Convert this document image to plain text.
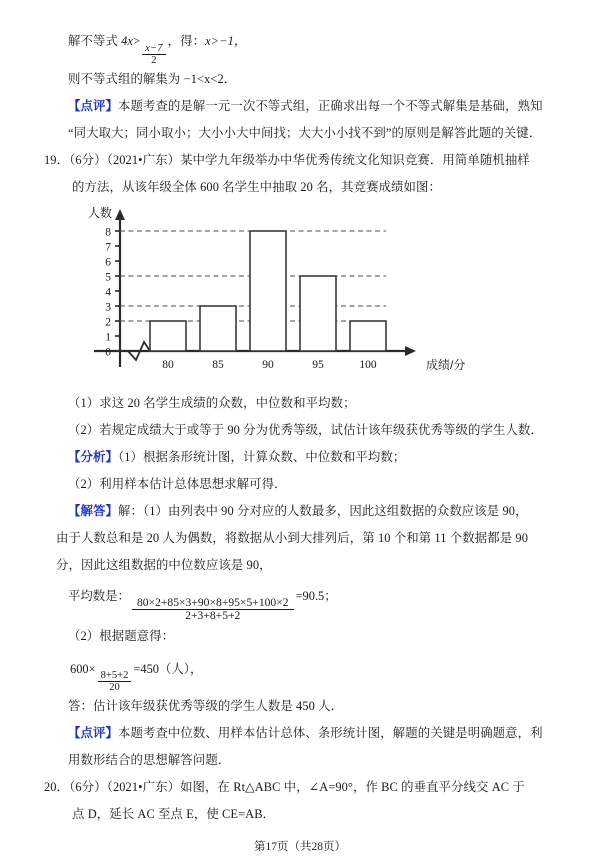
解不等式 4x>
$\frac{x-7}{2}$
，得：x>−1，
则不等式组的解集为 −1<x<2．
【点评】本题考查的是解一元一次不等式组，正确求出每一个不等式解集是基础，熟知
“同大取大；同小取小；大小小大中间找；大大小小找不到”的原则是解答此题的关键．
19．（6分）（2021•广东）某中学九年级举办中华优秀传统文化知识竞赛．用简单随机抽样
的方法，从该年级全体 600 名学生中抽取 20 名，其竞赛成绩如图：
0
1
2
3
4
5
6
7
8
80	85	90	95	100
人数
成绩/分
（1）求这 20 名学生成绩的众数，中位数和平均数；
（2）若规定成绩大于或等于 90 分为优秀等级，试估计该年级获优秀等级的学生人数．
【分析】（1）根据条形统计图，计算众数、中位数和平均数；
（2）利用样本估计总体思想求解可得．
【解答】解：（1）由列表中 90 分对应的人数最多，因此这组数据的众数应该是 90，
由于人数总和是 20 人为偶数，将数据从小到大排列后，第 10 个和第 11 个数据都是 90
分，因此这组数据的中位数应该是 90，
平均数是：
$\frac{80\times 2+85\times 3+90\times 8+95\times 5+100\times 2}{2+3+8+5+2}$
=90.5；
（2）根据题意得：
600×
$\frac{8+5+2}{20}$
=450（人），
答：估计该年级获优秀等级的学生人数是 450 人．
【点评】本题考查中位数、用样本估计总体、条形统计图，解题的关键是明确题意，利
用数形结合的思想解答问题．
20．（6分）（2021•广东）如图，在 Rt△ABC 中，∠A=90°，作 BC 的垂直平分线交 AC 于
点 D，延长 AC 至点 E，使 CE=AB．
第17页（共28页）
